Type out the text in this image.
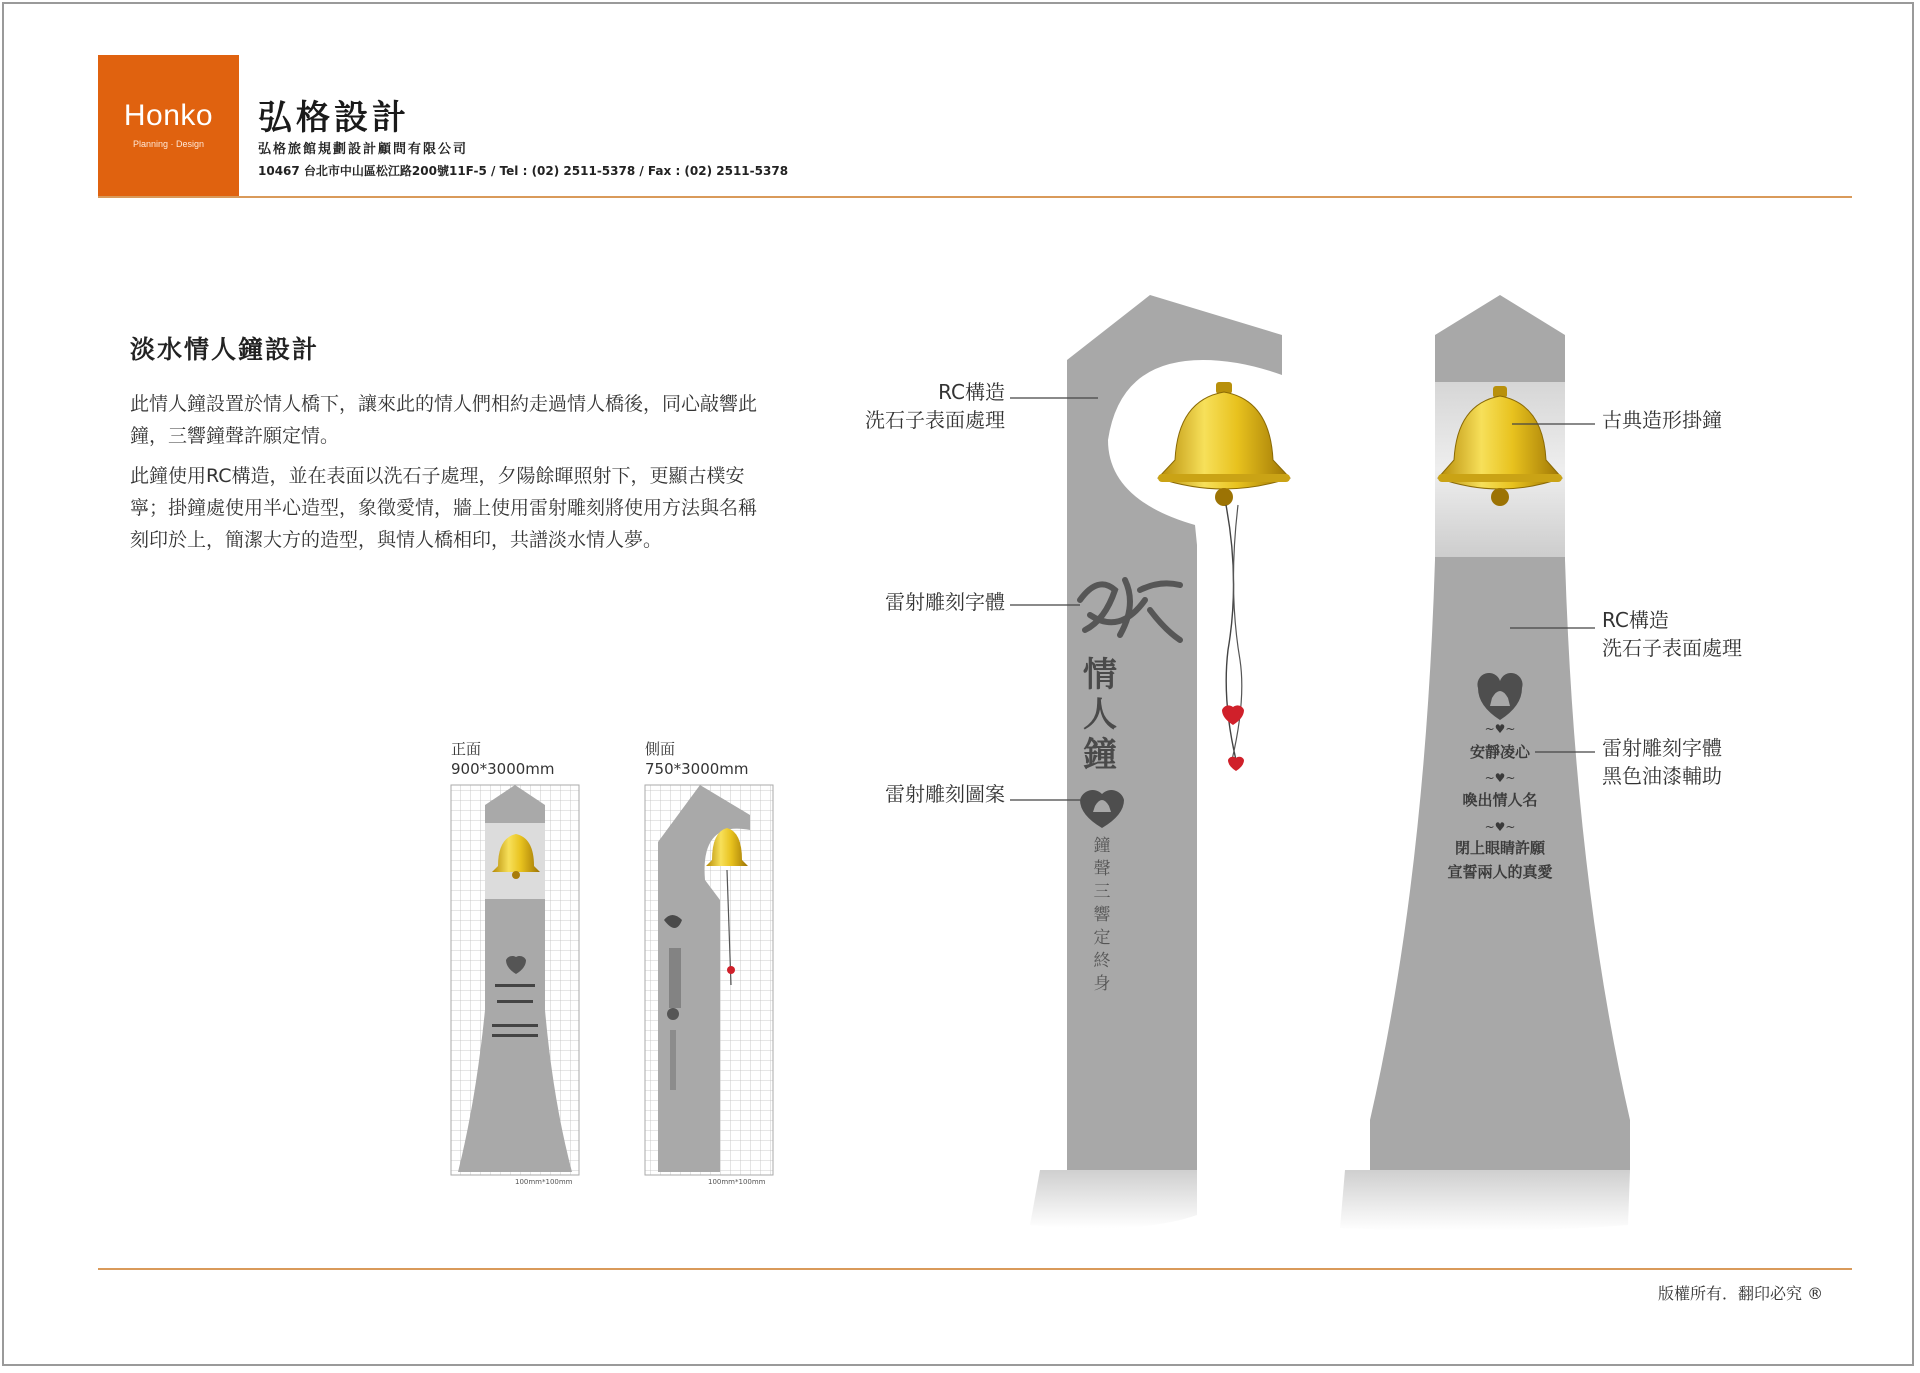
Honko
Planning · Design
弘格設計
弘格旅館規劃設計顧問有限公司
10467 台北市中山區松江路200號11F-5 / Tel : (02) 2511-5378 / Fax : (02) 2511-5378
淡水情人鐘設計
此情人鐘設置於情人橋下，讓來此的情人們相約走過情人橋後，同心敲響此鐘，三響鐘聲許願定情。
此鐘使用RC構造，並在表面以洗石子處理，夕陽餘暉照射下，更顯古樸安寧；掛鐘處使用半心造型，象徵愛情，牆上使用雷射雕刻將使用方法與名稱刻印於上，簡潔大方的造型，與情人橋相印，共譜淡水情人夢。
正面
900*3000mm
側面
750*3000mm
100mm*100mm	100mm*100mm
~♥~
~♥~
~♥~
情
人
鐘
鐘
聲
三
響
定
終
身
安靜凌心
喚出情人名
閉上眼睛許願
宣誓兩人的真愛
RC構造
洗石子表面處理
雷射雕刻字體
雷射雕刻圖案
古典造形掛鐘
RC構造
洗石子表面處理
雷射雕刻字體
黑色油漆輔助
版權所有．翻印必究 ®
